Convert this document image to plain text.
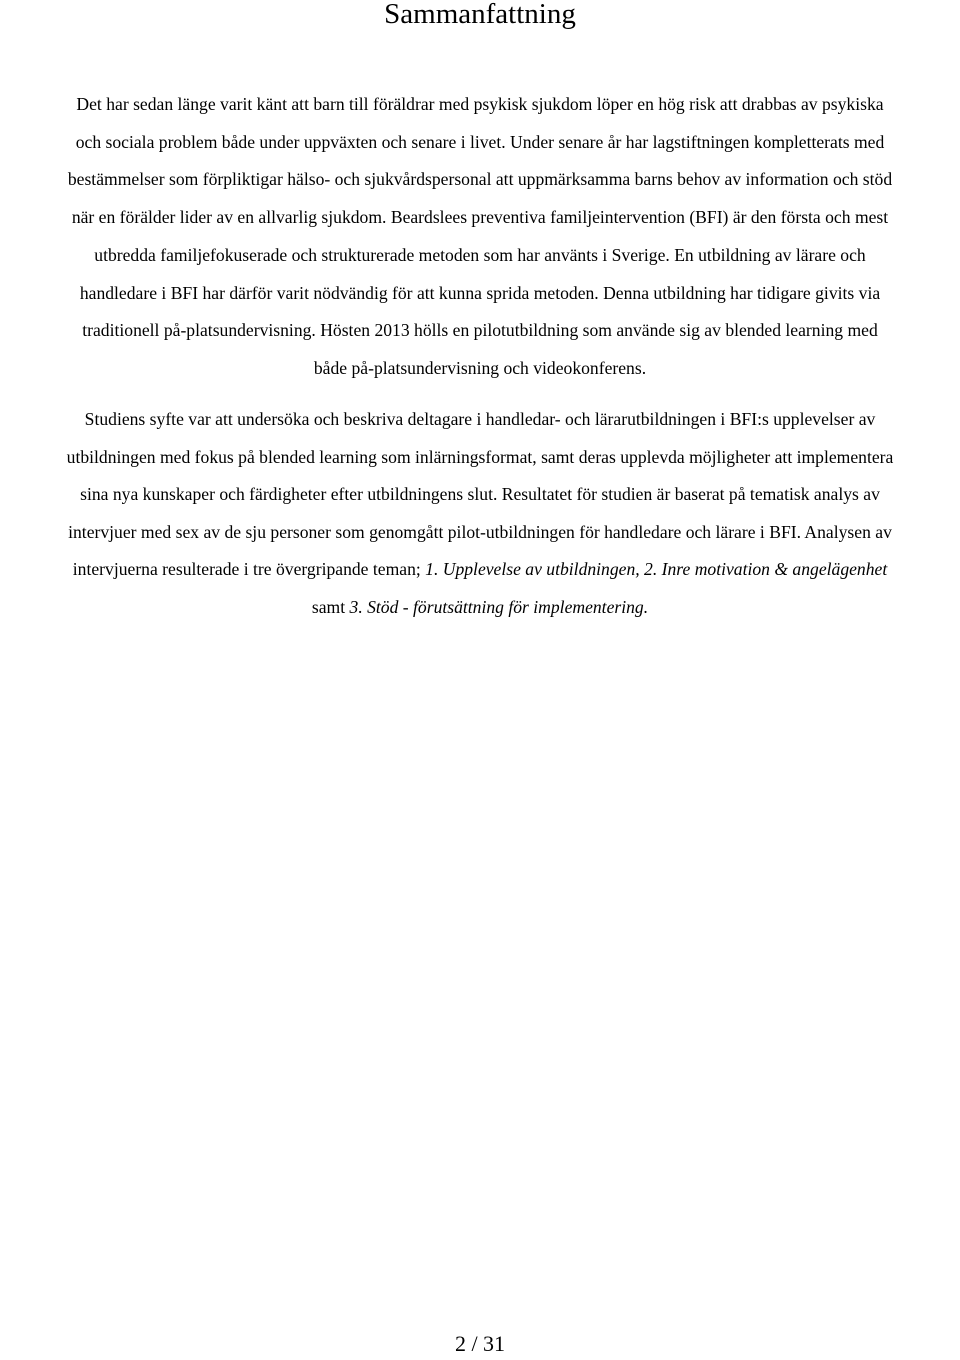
Sammanfattning

Det har sedan länge varit känt att barn till föräldrar med psykisk sjukdom löper en hög risk att drabbas av psykiska
och sociala problem både under uppväxten och senare i livet. Under senare år har lagstiftningen kompletterats med
bestämmelser som förpliktigar hälso- och sjukvårdspersonal att uppmärksamma barns behov av information och stöd
när en förälder lider av en allvarlig sjukdom. Beardslees preventiva familjeintervention (BFI) är den första och mest
utbredda familjefokuserade och strukturerade metoden som har använts i Sverige. En utbildning av lärare och
handledare i BFI har därför varit nödvändig för att kunna sprida metoden. Denna utbildning har tidigare givits via
traditionell på-platsundervisning. Hösten 2013 hölls en pilotutbildning som använde sig av blended learning med
både på-platsundervisning och videokonferens.

Studiens syfte var att undersöka och beskriva deltagare i handledar- och lärarutbildningen i BFI:s upplevelser av
utbildningen med fokus på blended learning som inlärningsformat, samt deras upplevda möjligheter att implementera
sina nya kunskaper och färdigheter efter utbildningens slut. Resultatet för studien är baserat på tematisk analys av
intervjuer med sex av de sju personer som genomgått pilot-utbildningen för handledare och lärare i BFI. Analysen av
intervjuerna resulterade i tre övergripande teman; 1. Upplevelse av utbildningen, 2. Inre motivation & angelägenhet
samt 3. Stöd - förutsättning för implementering.

2 / 31
